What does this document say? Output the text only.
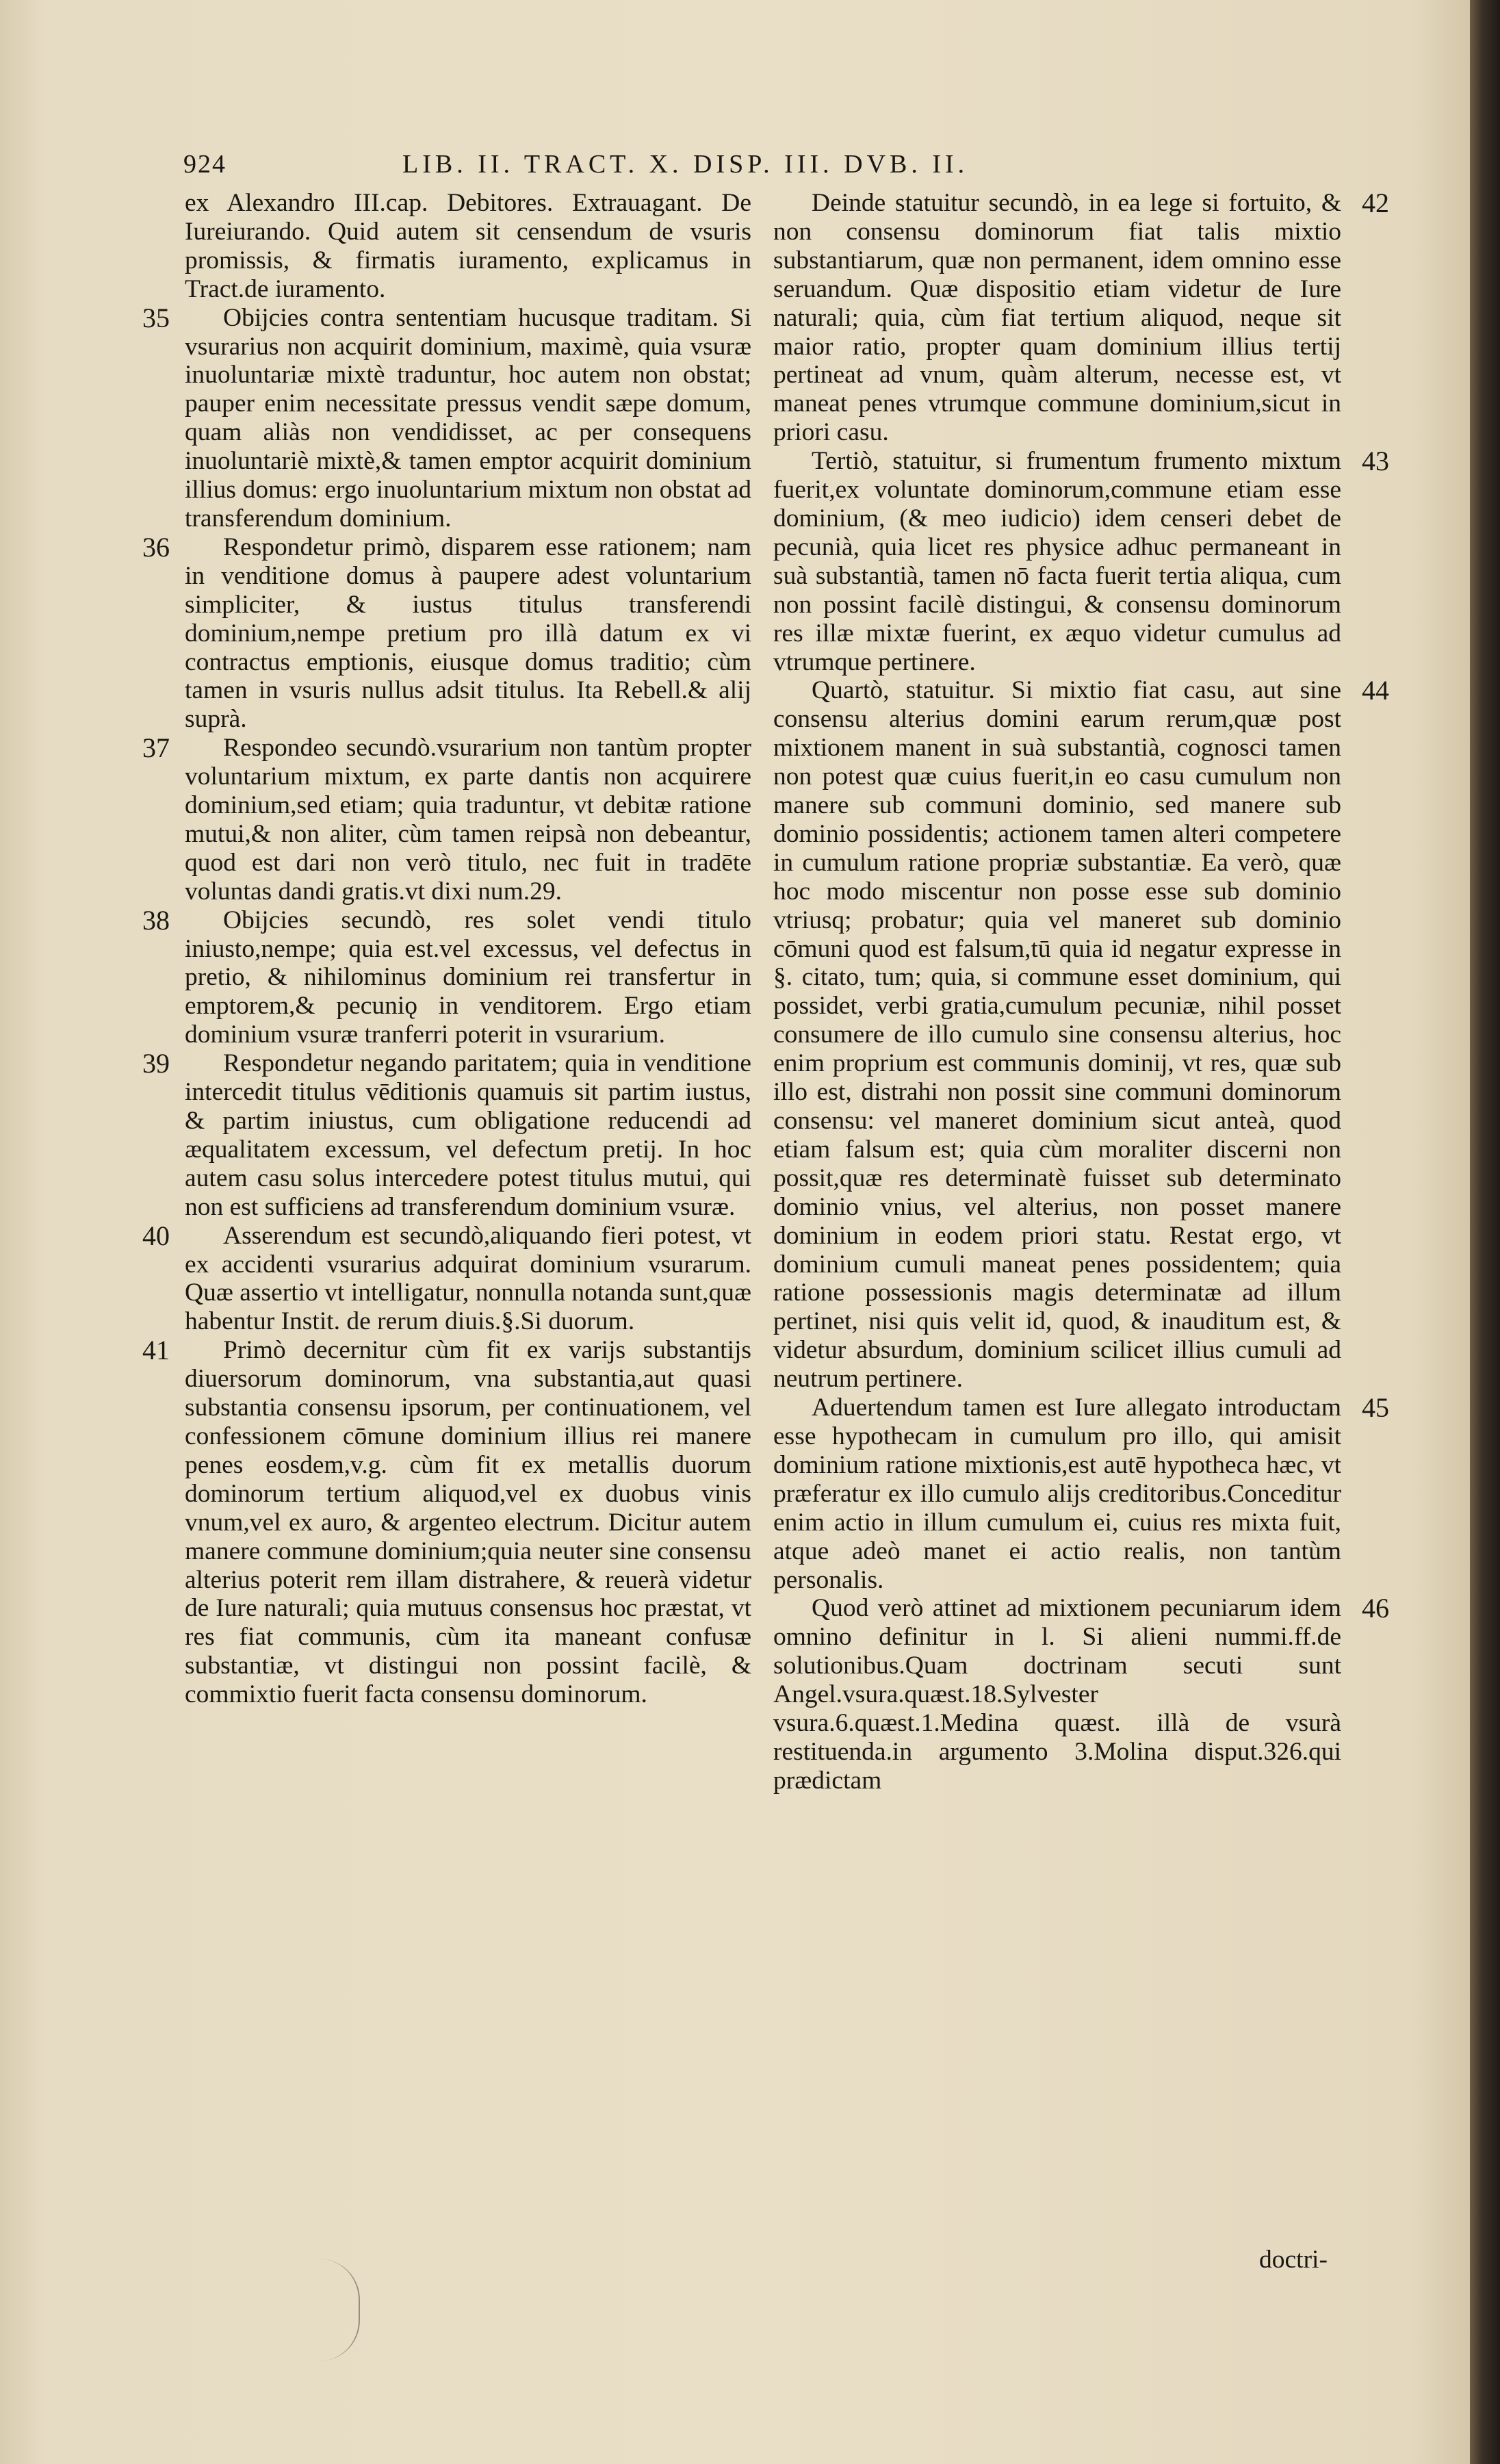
924	LIB. II. TRACT. X. DISP. III. DVB. II.

ex Alexandro III.cap. Debitores. Extrauagant. De Iureiurando. Quid autem sit censendum de vsuris promissis, & firmatis iuramento, explicamus in Tract.de iuramento.

35 Obijcies contra sententiam hucusque traditam. Si vsurarius non acquirit dominium, maximè, quia vsuræ inuoluntariæ mixtè traduntur, hoc autem non obstat; pauper enim necessitate pressus vendit sæpe domum, quam aliàs non vendidisset, ac per consequens inuoluntariè mixtè,& tamen emptor acquirit dominium illius domus: ergo inuoluntarium mixtum non obstat ad transferendum dominium.

36 Respondetur primò, disparem esse rationem; nam in venditione domus à paupere adest voluntarium simpliciter, & iustus titulus transferendi dominium,nempe pretium pro illà datum ex vi contractus emptionis, eiusque domus traditio; cùm tamen in vsuris nullus adsit titulus. Ita Rebell.& alij suprà.

37 Respondeo secundò.vsurarium non tantùm propter voluntarium mixtum, ex parte dantis non acquirere dominium,sed etiam; quia traduntur, vt debitæ ratione mutui,& non aliter, cùm tamen reipsà non debeantur, quod est dari non verò titulo, nec fuit in tradēte voluntas dandi gratis.vt dixi num.29.

38 Obijcies secundò, res solet vendi titulo iniusto,nempe; quia est.vel excessus, vel defectus in pretio, & nihilominus dominium rei transfertur in emptorem,& pecuniǫ in venditorem. Ergo etiam dominium vsuræ tranferri poterit in vsurarium.

39 Respondetur negando paritatem; quia in venditione intercedit titulus vēditionis quamuis sit partim iustus, & partim iniustus, cum obligatione reducendi ad æqualitatem excessum, vel defectum pretij. In hoc autem casu solus intercedere potest titulus mutui, qui non est sufficiens ad transferendum dominium vsuræ.

40 Asserendum est secundò,aliquando fieri potest, vt ex accidenti vsurarius adquirat dominium vsurarum. Quæ assertio vt intelligatur, nonnulla notanda sunt,quæ habentur Instit. de rerum diuis.§.Si duorum.

41 Primò decernitur cùm fit ex varijs substantijs diuersorum dominorum, vna substantia,aut quasi substantia consensu ipsorum, per continuationem, vel confessionem cōmune dominium illius rei manere penes eosdem,v.g. cùm fit ex metallis duorum dominorum tertium aliquod,vel ex duobus vinis vnum,vel ex auro, & argenteo electrum. Dicitur autem manere commune dominium;quia neuter sine consensu alterius poterit rem illam distrahere, & reuerà videtur de Iure naturali; quia mutuus consensus hoc præstat, vt res fiat communis, cùm ita maneant confusæ substantiæ, vt distingui non possint facilè, & commixtio fuerit facta consensu dominorum.

42
Deinde statuitur secundò, in ea lege si fortuito, & non consensu dominorum fiat talis mixtio substantiarum, quæ non permanent, idem omnino esse seruandum. Quæ dispositio etiam videtur de Iure naturali; quia, cùm fiat tertium aliquod, neque sit maior ratio, propter quam dominium illius tertij pertineat ad vnum, quàm alterum, necesse est, vt maneat penes vtrumque commune dominium,sicut in priori casu.

43
Tertiò, statuitur, si frumentum frumento mixtum fuerit,ex voluntate dominorum,commune etiam esse dominium, (& meo iudicio) idem censeri debet de pecunià, quia licet res physice adhuc permaneant in suà substantià, tamen nō facta fuerit tertia aliqua, cum non possint facilè distingui, & consensu dominorum res illæ mixtæ fuerint, ex æquo videtur cumulus ad vtrumque pertinere.

44
Quartò, statuitur. Si mixtio fiat casu, aut sine consensu alterius domini earum rerum,quæ post mixtionem manent in suà substantià, cognosci tamen non potest quæ cuius fuerit,in eo casu cumulum non manere sub communi dominio, sed manere sub dominio possidentis; actionem tamen alteri competere in cumulum ratione propriæ substantiæ. Ea verò, quæ hoc modo miscentur non posse esse sub dominio vtriusq; probatur; quia vel maneret sub dominio cōmuni quod est falsum,tū quia id negatur expresse in §. citato, tum; quia, si commune esset dominium, qui possidet, verbi gratia,cumulum pecuniæ, nihil posset consumere de illo cumulo sine consensu alterius, hoc enim proprium est communis dominij, vt res, quæ sub illo est, distrahi non possit sine communi dominorum consensu: vel maneret dominium sicut anteà, quod etiam falsum est; quia cùm moraliter discerni non possit,quæ res determinatè fuisset sub determinato dominio vnius, vel alterius, non posset manere dominium in eodem priori statu. Restat ergo, vt dominium cumuli maneat penes possidentem; quia ratione possessionis magis determinatæ ad illum pertinet, nisi quis velit id, quod, & inauditum est, & videtur absurdum, dominium scilicet illius cumuli ad neutrum pertinere.

45
Aduertendum tamen est Iure allegato introductam esse hypothecam in cumulum pro illo, qui amisit dominium ratione mixtionis,est autē hypotheca hæc, vt præferatur ex illo cumulo alijs creditoribus.Conceditur enim actio in illum cumulum ei, cuius res mixta fuit, atque adeò manet ei actio realis, non tantùm personalis.

46
Quod verò attinet ad mixtionem pecuniarum idem omnino definitur in l. Si alieni nummi.ff.de solutionibus.Quam doctrinam secuti sunt Angel.vsura.quæst.18.Sylvester vsura.6.quæst.1.Medina quæst. illà de vsurà restituenda.in argumento 3.Molina disput.326.qui prædictam

doctri-
